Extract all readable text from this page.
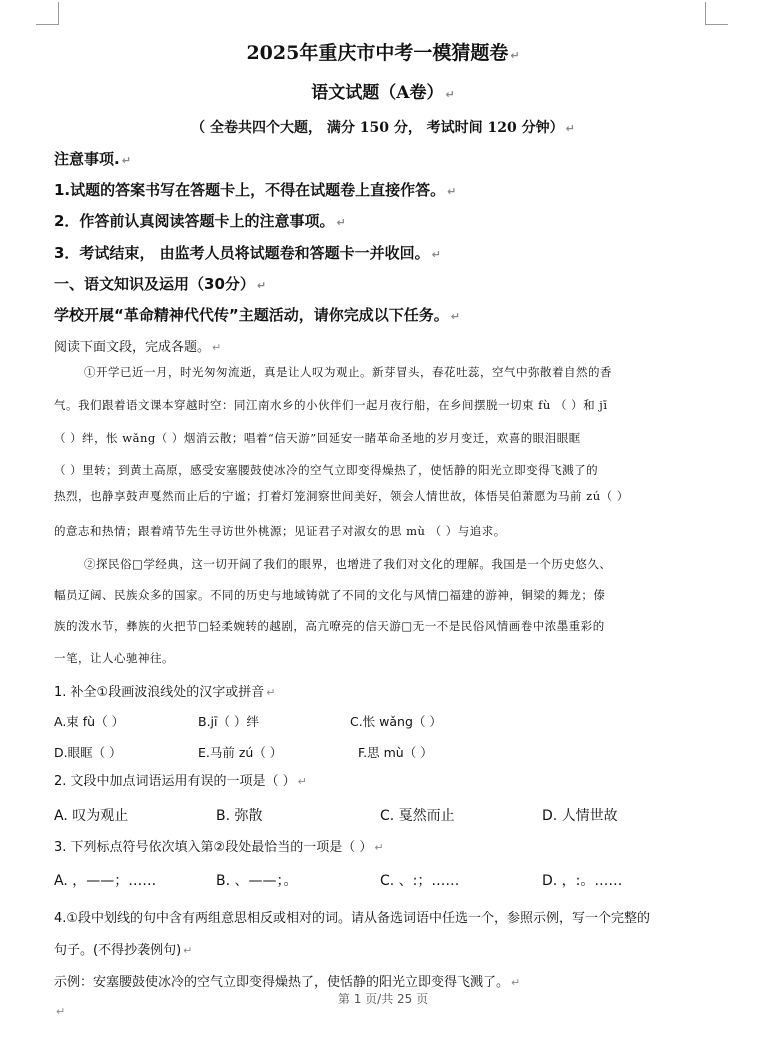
2025年重庆市中考一模猜题卷 ↵
语文试题（A卷） ↵
（ 全卷共四个大题， 满分 150 分， 考试时间 120 分钟） ↵
注意事项. ↵
1.试题的答案书写在答题卡上，不得在试题卷上直接作答。 ↵
2．作答前认真阅读答题卡上的注意事项。 ↵
3．考试结束， 由监考人员将试题卷和答题卡一并收回。 ↵
一、语文知识及运用（30分） ↵
学校开展“革命精神代代传”主题活动，请你完成以下任务。 ↵
阅读下面文段，完成各题。 ↵
①开学已近一月，时光匆匆流逝，真是让人叹为观止。新芽冒头，春花吐蕊，空气中弥散着自然的香
气。我们跟着语文课本穿越时空：同江南水乡的小伙伴们一起月夜行船，在乡间摆脱一切束 fù （ ）和 jī
（ ）绊，怅 wǎng（ ）烟消云散；唱着“信天游”回延安一睹革命圣地的岁月变迁，欢喜的眼泪眼眶
（ ）里转；到黄土高原，感受安塞腰鼓使冰冷的空气立即变得燥热了，使恬静的阳光立即变得飞溅了的
热烈，也静享鼓声戛然而止后的宁谧；打着灯笼洞察世间美好，领会人情世故，体悟吴伯萧愿为马前 zú（ ）
的意志和热情；跟着靖节先生寻访世外桃源；见证君子对淑女的思 mù （ ）与追求。
②探民俗□学经典，这一切开阔了我们的眼界，也增进了我们对文化的理解。我国是一个历史悠久、
幅员辽阔、民族众多的国家。不同的历史与地域铸就了不同的文化与风情□福建的游神，铜梁的舞龙；傣
族的泼水节，彝族的火把节□轻柔婉转的越剧，高亢嘹亮的信天游□无一不是民俗风情画卷中浓墨重彩的
一笔，让人心驰神往。
1. 补全①段画波浪线处的汉字或拼音 ↵
A.束 fù（ ）	B.jī（ ）绊	C.怅 wǎng（ ）
D.眼眶（ ）	E.马前 zú（ ）	F.思 mù（ ）
2. 文段中加点词语运用有误的一项是（ ） ↵
A. 叹为观止	B. 弥散	C. 戛然而止	D. 人情世故
3. 下列标点符号依次填入第②段处最恰当的一项是（ ） ↵
A. ，——；……	B. 、——；。	C. 、:；……	D. ，:。……
4.①段中划线的句中含有两组意思相反或相对的词。请从备选词语中任选一个，参照示例，写一个完整的
句子。(不得抄袭例句) ↵
示例：安塞腰鼓使冰冷的空气立即变得燥热了，使恬静的阳光立即变得飞溅了。 ↵
第 1 页/共 25 页
↵
